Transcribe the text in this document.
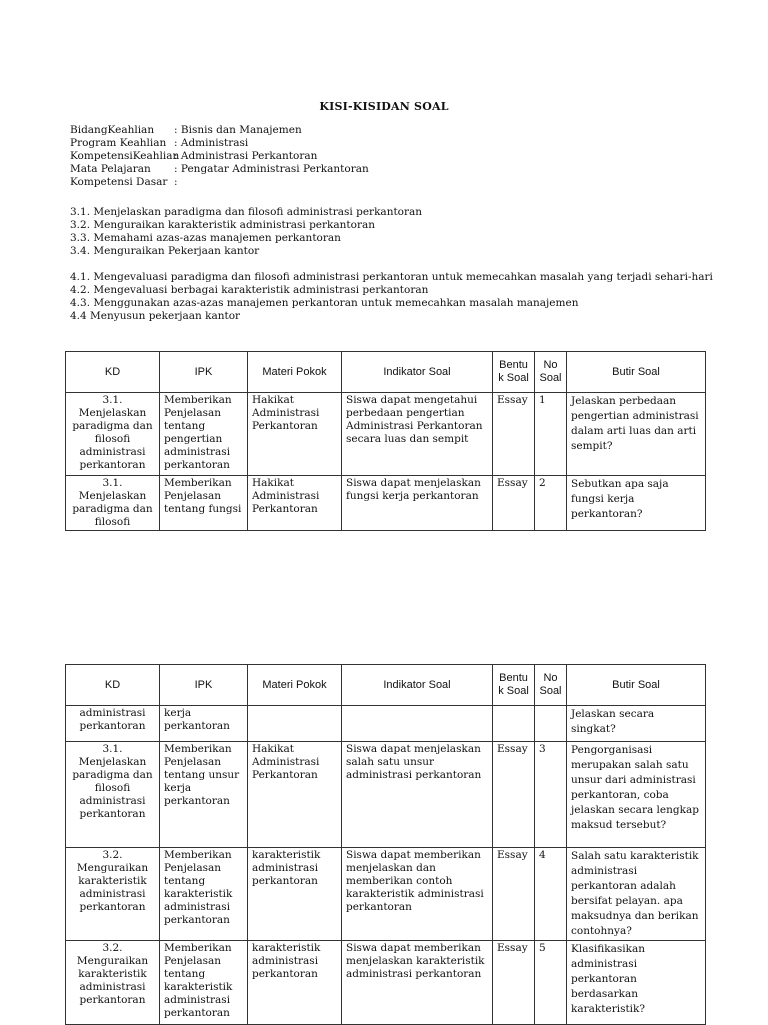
KISI-KISIDAN SOAL
BidangKeahlian	: Bisnis dan Manajemen
Program Keahlian : Administrasi
KompetensiKeahlian
: Administrasi Perkantoran
Mata Pelajaran	: Pengatar Administrasi Perkantoran
Kompetensi Dasar :
3.1. Menjelaskan paradigma dan filosofi administrasi perkantoran
3.2. Menguraikan karakteristik administrasi perkantoran
3.3. Memahami azas-azas manajemen perkantoran
3.4. Menguraikan Pekerjaan kantor
4.1. Mengevaluasi paradigma dan filosofi administrasi perkantoran untuk memecahkan masalah yang terjadi sehari-hari
4.2. Mengevaluasi berbagai karakteristik administrasi perkantoran
4.3. Menggunakan azas-azas manajemen perkantoran untuk memecahkan masalah manajemen
4.4 Menyusun pekerjaan kantor
KD	IPK	Materi Pokok	Indikator Soal	Bentuk Soal	No Soal	Butir Soal
3.1. Menjelaskan paradigma dan filosofi administrasi perkantoran	Memberikan Penjelasan tentang pengertian administrasi perkantoran	Hakikat Administrasi Perkantoran	Siswa dapat mengetahui perbedaan pengertian Administrasi Perkantoran secara luas dan sempit	Essay	1	Jelaskan perbedaan pengertian administrasi dalam arti luas dan arti sempit?
3.1. Menjelaskan paradigma dan filosofi	Memberikan Penjelasan tentang fungsi	Hakikat Administrasi Perkantoran	Siswa dapat menjelaskan fungsi kerja perkantoran	Essay	2	Sebutkan apa saja fungsi kerja perkantoran?
KD	IPK	Materi Pokok	Indikator Soal	Bentuk Soal	No Soal	Butir Soal
administrasi perkantoran	kerja perkantoran					Jelaskan secara singkat?
3.1. Menjelaskan paradigma dan filosofi administrasi perkantoran	Memberikan Penjelasan tentang unsur kerja perkantoran	Hakikat Administrasi Perkantoran	Siswa dapat menjelaskan salah satu unsur administrasi perkantoran	Essay	3	Pengorganisasi merupakan salah satu unsur dari administrasi perkantoran, coba jelaskan secara lengkap maksud tersebut?
3.2. Menguraikan karakteristik administrasi perkantoran	Memberikan Penjelasan tentang karakteristik administrasi perkantoran	karakteristik administrasi perkantoran	Siswa dapat memberikan menjelaskan dan memberikan contoh karakteristik administrasi perkantoran	Essay	4	Salah satu karakteristik administrasi perkantoran adalah bersifat pelayan. apa maksudnya dan berikan contohnya?
3.2. Menguraikan karakteristik administrasi perkantoran	Memberikan Penjelasan tentang karakteristik administrasi perkantoran	karakteristik administrasi perkantoran	Siswa dapat memberikan menjelaskan karakteristik administrasi perkantoran	Essay	5	Klasifikasikan administrasi perkantoran berdasarkan karakteristik?
